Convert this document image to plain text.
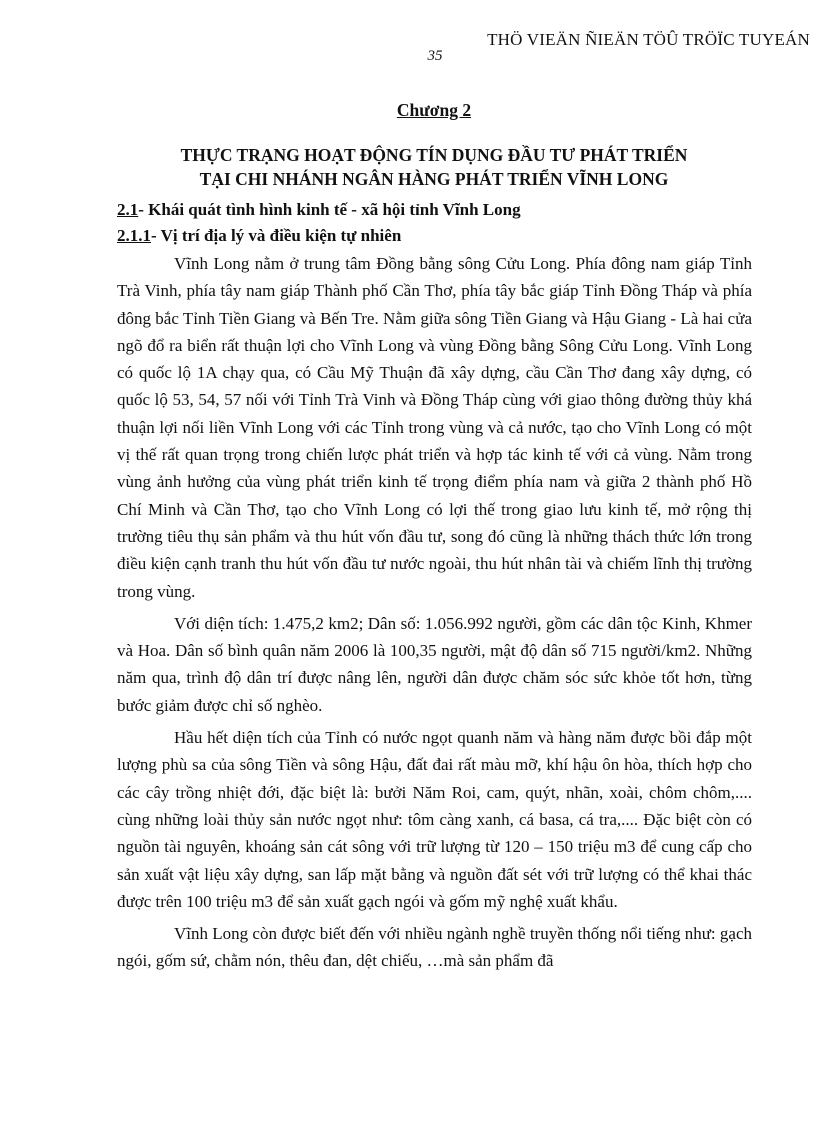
THÖ VIEÄN ÑIEÄN TÖÛ TRÖÏC TUYEÁN
35
Chương 2
THỰC TRẠNG HOẠT ĐỘNG TÍN DỤNG ĐẦU TƯ PHÁT TRIỂN
TẠI CHI NHÁNH NGÂN HÀNG PHÁT TRIỂN VĨNH LONG
2.1- Khái quát tình hình kinh tế - xã hội tỉnh Vĩnh Long
2.1.1- Vị trí địa lý và điều kiện tự nhiên

Vĩnh Long nằm ở trung tâm Đồng bằng sông Cửu Long. Phía đông nam giáp Tỉnh Trà Vinh, phía tây nam giáp Thành phố Cần Thơ, phía tây bắc giáp Tỉnh Đồng Tháp và phía đông bắc Tỉnh Tiền Giang và Bến Tre. Nằm giữa sông Tiền Giang và Hậu Giang - Là hai cửa ngõ đổ ra biển rất thuận lợi cho Vĩnh Long và vùng Đồng bằng Sông Cửu Long. Vĩnh Long có quốc lộ 1A chạy qua, có Cầu Mỹ Thuận đã xây dựng, cầu Cần Thơ đang xây dựng, có quốc lộ 53, 54, 57 nối với Tỉnh Trà Vinh và Đồng Tháp cùng với giao thông đường thủy khá thuận lợi nối liền Vĩnh Long với các Tỉnh trong vùng và cả nước, tạo cho Vĩnh Long có một vị thế rất quan trọng trong chiến lược phát triển và hợp tác kinh tế với cả vùng. Nằm trong vùng ảnh hưởng của vùng phát triển kinh tế trọng điểm phía nam và giữa 2 thành phố Hồ Chí Minh và Cần Thơ, tạo cho Vĩnh Long có lợi thế trong giao lưu kinh tế, mở rộng thị trường tiêu thụ sản phẩm và thu hút vốn đầu tư, song đó cũng là những thách thức lớn trong điều kiện cạnh tranh thu hút vốn đầu tư nước ngoài, thu hút nhân tài và chiếm lĩnh thị trường trong vùng.

Với diện tích: 1.475,2 km2; Dân số: 1.056.992 người, gồm các dân tộc Kinh, Khmer và Hoa. Dân số bình quân năm 2006 là 100,35 người, mật độ dân số 715 người/km2. Những năm qua, trình độ dân trí được nâng lên, người dân được chăm sóc sức khỏe tốt hơn, từng bước giảm được chỉ số nghèo.

Hầu hết diện tích của Tỉnh có nước ngọt quanh năm và hàng năm được bồi đắp một lượng phù sa của sông Tiền và sông Hậu, đất đai rất màu mỡ, khí hậu ôn hòa, thích hợp cho các cây trồng nhiệt đới, đặc biệt là: bưởi Năm Roi, cam, quýt, nhãn, xoài, chôm chôm,.... cùng những loài thủy sản nước ngọt như: tôm càng xanh, cá basa, cá tra,.... Đặc biệt còn có nguồn tài nguyên, khoáng sản cát sông với trữ lượng từ 120 – 150 triệu m3 để cung cấp cho sản xuất vật liệu xây dựng, san lấp mặt bằng và nguồn đất sét với trữ lượng có thể khai thác được trên 100 triệu m3 để sản xuất gạch ngói và gốm mỹ nghệ xuất khẩu.

Vĩnh Long còn được biết đến với nhiều ngành nghề truyền thống nổi tiếng như: gạch ngói, gốm sứ, chằm nón, thêu đan, dệt chiếu, …mà sản phẩm đã
